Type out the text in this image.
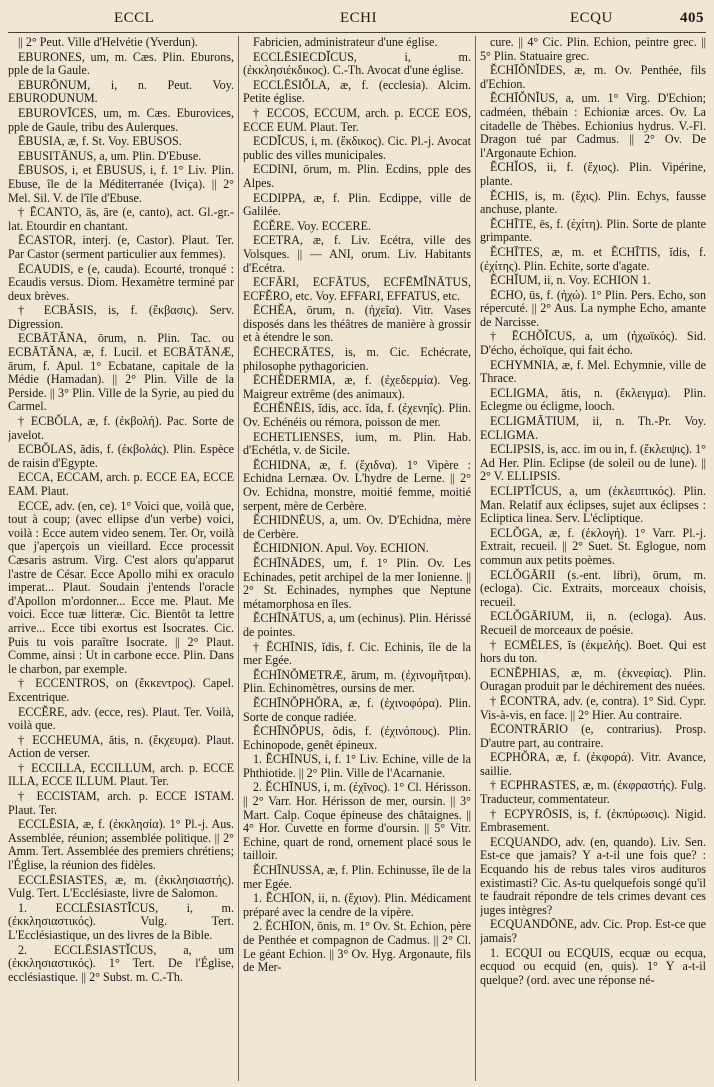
ECCL	ECHI	ECQU	405

|| 2° Peut. Ville d'Helvétie (Yverdun).

EBURONES, um, m. Cæs. Plin. Eburons, pple de la Gaule.

EBURŌNUM, i, n. Peut. Voy. EBURODUNUM.

EBUROVĪCES, um, m. Cæs. Eburovices, pple de Gaule, tribu des Aulerques.

ĒBUSIA, æ, f. St. Voy. EBUSOS.

EBUSITĀNUS, a, um. Plin. D'Ebuse.

ĒBUSOS, i, et ĒBUSUS, i, f. 1° Liv. Plin. Ebuse, île de la Méditerranée (Iviça). || 2° Mel. Sil. V. de l'île d'Ebuse.

† ĒCANTO, ās, āre (e, canto), act. Gl.-gr.-lat. Etourdir en chantant.

ĒCASTOR, interj. (e, Castor). Plaut. Ter. Par Castor (serment particulier aux femmes).

ĒCAUDIS, e (e, cauda). Ecourté, tronqué : Ecaudis versus. Diom. Hexamètre terminé par deux brèves.

† ECBĂSIS, is, f. (ἔκβασις). Serv. Digression.

ECBĀTĂNA, ōrum, n. Plin. Tac. ou ECBĀTĂNA, æ, f. Lucil. et ECBĀTĀNÆ, ārum, f. Apul. 1° Ecbatane, capitale de la Médie (Hamadan). || 2° Plin. Ville de la Perside. || 3° Plin. Ville de la Syrie, au pied du Carmel.

† ECBŎLA, æ, f. (ἐκβολή). Pac. Sorte de javelot.

ECBŎLAS, ădis, f. (ἐκβολάς). Plin. Espèce de raisin d'Egypte.

ECCA, ECCAM, arch. p. ECCE EA, ECCE EAM. Plaut.

ECCE, adv. (en, ce). 1° Voici que, voilà que, tout à coup; (avec ellipse d'un verbe) voici, voilà : Ecce autem video senem. Ter. Or, voilà que j'aperçois un vieillard. Ecce processit Cæsaris astrum. Virg. C'est alors qu'apparut l'astre de César. Ecce Apollo mihi ex oraculo imperat... Plaut. Soudain j'entends l'oracle d'Apollon m'ordonner... Ecce me. Plaut. Me voici. Ecce tuæ litteræ. Cic. Bientôt ta lettre arrive... Ecce tibi exortus est Isocrates. Cic. Puis tu vois paraître Isocrate. || 2° Plaut. Comme, ainsi : Ut in carbone ecce. Plin. Dans le charbon, par exemple.

† ECCENTROS, on (ἔκκεντρος). Capel. Excentrique.

ECCĔRE, adv. (ecce, res). Plaut. Ter. Voilà, voilà que.

† ECCHEUMA, ătis, n. (ἔκχευμα). Plaut. Action de verser.

† ECCILLA, ECCILLUM, arch. p. ECCE ILLA, ECCE ILLUM. Plaut. Ter.

† ECCISTAM, arch. p. ECCE ISTAM. Plaut. Ter.

ECCLĒSIA, æ, f. (ἐκκλησία). 1° Pl.-j. Aus. Assemblée, réunion; assemblée politique. || 2° Amm. Tert. Assemblée des premiers chrétiens; l'Église, la réunion des fidèles.

ECCLĒSIASTES, æ, m. (ἐκκλησιαστής). Vulg. Tert. L'Ecclésiaste, livre de Salomon.

1. ECCLĒSIASTĬCUS, i, m. (ἐκκλησιαστικός). Vulg. Tert. L'Ecclésiastique, un des livres de la Bible.

2. ECCLĒSIASTĬCUS, a, um (ἐκκλησιαστικός). 1° Tert. De l'Église, ecclésiastique. || 2° Subst. m. C.-Th.

Fabricien, administrateur d'une église.

ECCLĒSIECDĬCUS, i, m. (ἐκκλησιέκδικος). C.-Th. Avocat d'une église.

ECCLĒSIŎLA, æ, f. (ecclesia). Alcim. Petite église.

† ECCOS, ECCUM, arch. p. ECCE EOS, ECCE EUM. Plaut. Ter.

ECDĬCUS, i, m. (ἔκδικος). Cic. Pl.-j. Avocat public des villes municipales.

ECDINI, ōrum, m. Plin. Ecdins, pple des Alpes.

ECDIPPA, æ, f. Plin. Ecdippe, ville de Galilée.

ĒCĔRE. Voy. ECCERE.

ECETRA, æ, f. Liv. Ecétra, ville des Volsques. || — ANI, orum. Liv. Habitants d'Ecétra.

ECFĀRI, ECFĀTUS, ECFĒMĬNĀTUS, ECFĔRO, etc. Voy. EFFARI, EFFATUS, etc.

ĒCHĔA, ōrum, n. (ἠχεῖα). Vitr. Vases disposés dans les théâtres de manière à grossir et à étendre le son.

ĒCHECRĀTES, is, m. Cic. Echécrate, philosophe pythagoricien.

ĒCHĔDERMIA, æ, f. (ἐχεδερμία). Veg. Maigreur extrême (des animaux).

ĒCHĔNĒIS, ĭdis, acc. ĭda, f. (ἐχενηΐς). Plin. Ov. Echénéis ou rémora, poisson de mer.

ECHETLIENSES, ium, m. Plin. Hab. d'Echétla, v. de Sicile.

ĔCHIDNA, æ, f. (ἔχιδνα). 1° Vipère : Echidna Lernæa. Ov. L'hydre de Lerne. || 2° Ov. Echidna, monstre, moitié femme, moitié serpent, mère de Cerbère.

ĔCHIDNĒUS, a, um. Ov. D'Echidna, mère de Cerbère.

ĔCHIDNION. Apul. Voy. ECHION.

ĔCHĪNĀDES, um, f. 1° Plin. Ov. Les Echinades, petit archipel de la mer Ionienne. || 2° St. Echinades, nymphes que Neptune métamorphosa en îles.

ĔCHĪNĀTUS, a, um (echinus). Plin. Hérissé de pointes.

† ĔCHĪNIS, ĭdis, f. Cic. Echinis, île de la mer Egée.

ĔCHĪNŎMETRÆ, ārum, m. (ἐχινομῆτραι). Plin. Echinomètres, oursins de mer.

ĔCHĪNŎPHŎRA, æ, f. (ἐχινοφόρα). Plin. Sorte de conque radiée.

ĔCHĪNŎPUS, ŏdis, f. (ἐχινόπους). Plin. Echinopode, genêt épineux.

1. ĔCHĪNUS, i, f. 1° Liv. Echine, ville de la Phthiotide. || 2° Plin. Ville de l'Acarnanie.

2. ĔCHĪNUS, i, m. (ἐχῖνος). 1° Cl. Hérisson. || 2° Varr. Hor. Hérisson de mer, oursin. || 3° Mart. Calp. Coque épineuse des châtaignes. || 4° Hor. Cuvette en forme d'oursin. || 5° Vitr. Echine, quart de rond, ornement placé sous le tailloir.

ĔCHĪNUSSA, æ, f. Plin. Echinusse, île de la mer Egée.

1. ĔCHĪON, ii, n. (ἔχιον). Plin. Médicament préparé avec la cendre de la vipère.

2. ĔCHĪON, ŏnis, m. 1° Ov. St. Echion, père de Penthée et compagnon de Cadmus. || 2° Cl. Le géant Echion. || 3° Ov. Hyg. Argonaute, fils de Mer-

cure. || 4° Cic. Plin. Echion, peintre grec. || 5° Plin. Statuaire grec.

ĔCHĪŎNĬDES, æ, m. Ov. Penthée, fils d'Echion.

ĔCHĪŎNĬUS, a, um. 1° Virg. D'Echion; cadméen, thébain : Echioniæ arces. Ov. La citadelle de Thèbes. Echionius hydrus. V.-Fl. Dragon tué par Cadmus. || 2° Ov. De l'Argonaute Echion.

ĔCHĬOS, ii, f. (ἔχιος). Plin. Vipérine, plante.

ĔCHIS, is, m. (ἔχις). Plin. Echys, fausse anchuse, plante.

ĔCHĪTE, ēs, f. (ἐχίτη). Plin. Sorte de plante grimpante.

ĔCHĪTES, æ, m. et ĔCHĪTIS, ĭdis, f. (ἐχίτης). Plin. Echite, sorte d'agate.

ĔCHĬUM, ii, n. Voy. ECHION 1.

ĒCHO, ūs, f. (ἠχώ). 1° Plin. Pers. Echo, son répercuté. || 2° Aus. La nymphe Echo, amante de Narcisse.

† ĒCHŎĬCUS, a, um (ἠχωϊκός). Sid. D'écho, échoïque, qui fait écho.

ECHYMNIA, æ, f. Mel. Echymnie, ville de Thrace.

ECLIGMA, ătis, n. (ἔκλειγμα). Plin. Eclegme ou écligme, looch.

ECLIGMĀTIUM, ii, n. Th.-Pr. Voy. ECLIGMA.

ECLIPSIS, is, acc. im ou in, f. (ἔκλειψις). 1° Ad Her. Plin. Eclipse (de soleil ou de lune). || 2° V. ELLIPSIS.

ECLIPTĬCUS, a, um (ἐκλειπτικός). Plin. Man. Relatif aux éclipses, sujet aux éclipses : Ecliptica linea. Serv. L'écliptique.

ECLŎGA, æ, f. (ἐκλογή). 1° Varr. Pl.-j. Extrait, recueil. || 2° Suet. St. Eglogue, nom commun aux petits poèmes.

ECLŎGĀRII (s.-ent. libri), ōrum, m. (ecloga). Cic. Extraits, morceaux choisis, recueil.

ECLŎGĀRIUM, ii, n. (ecloga). Aus. Recueil de morceaux de poésie.

† ECMĒLES, ĭs (ἐκμελής). Boet. Qui est hors du ton.

ECNĔPHIAS, æ, m. (ἐκνεφίας). Plin. Ouragan produit par le déchirement des nuées.

† ĒCONTRA, adv. (e, contra). 1° Sid. Cypr. Vis-à-vis, en face. || 2° Hier. Au contraire.

ĒCONTRĀRIO (e, contrarius). Prosp. D'autre part, au contraire.

ECPHŎRA, æ, f. (ἐκφορά). Vitr. Avance, saillie.

† ECPHRASTES, æ, m. (ἐκφραστής). Fulg. Traducteur, commentateur.

† ECPYRŌSIS, is, f. (ἐκπύρωσις). Nigid. Embrasement.

ECQUANDO, adv. (en, quando). Liv. Sen. Est-ce que jamais? Y a-t-il une fois que? : Ecquando his de rebus tales viros audituros existimasti? Cic. As-tu quelquefois songé qu'il te faudrait répondre de tels crimes devant ces juges intègres?

ECQUANDŌNE, adv. Cic. Prop. Est-ce que jamais?

1. ECQUI ou ECQUIS, ecquæ ou ecqua, ecquod ou ecquid (en, quis). 1° Y a-t-il quelque? (ord. avec une réponse né-
